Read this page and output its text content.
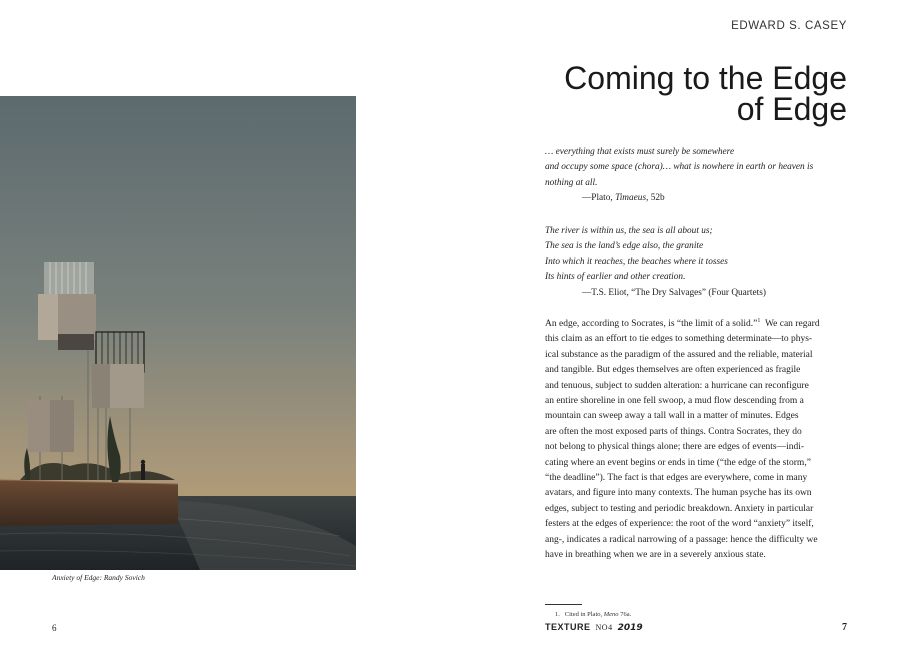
Anxiety of Edge: Randy Sovich
6
EDWARD S. CASEY
Coming to the Edge
of Edge
… everything that exists must surely be somewhere
and occupy some space (chora)… what is nowhere in earth or heaven is
nothing at all.
—Plato, Timaeus, 52b
The river is within us, the sea is all about us;
The sea is the land’s edge also, the granite
Into which it reaches, the beaches where it tosses
Its hints of earlier and other creation.
—T.S. Eliot, “The Dry Salvages” (Four Quartets)
An edge, according to Socrates, is “the limit of a solid.”$^1$  We can regard
this claim as an effort to tie edges to something determinate—to phys-
ical substance as the paradigm of the assured and the reliable, material
and tangible. But edges themselves are often experienced as fragile
and tenuous, subject to sudden alteration: a hurricane can reconfigure
an entire shoreline in one fell swoop, a mud flow descending from a
mountain can sweep away a tall wall in a matter of minutes. Edges
are often the most exposed parts of things. Contra Socrates, they do
not belong to physical things alone; there are edges of events—indi-
cating where an event begins or ends in time (“the edge of the storm,”
“the deadline”). The fact is that edges are everywhere, come in many
avatars, and figure into many contexts. The human psyche has its own
edges, subject to testing and periodic breakdown. Anxiety in particular
festers at the edges of experience: the root of the word “anxiety” itself,
ang-, indicates a radical narrowing of a passage: hence the difficulty we
have in breathing when we are in a severely anxious state.
1. Cited in Plato, Meno 76a.
TEXTURE NO4 2019	7
